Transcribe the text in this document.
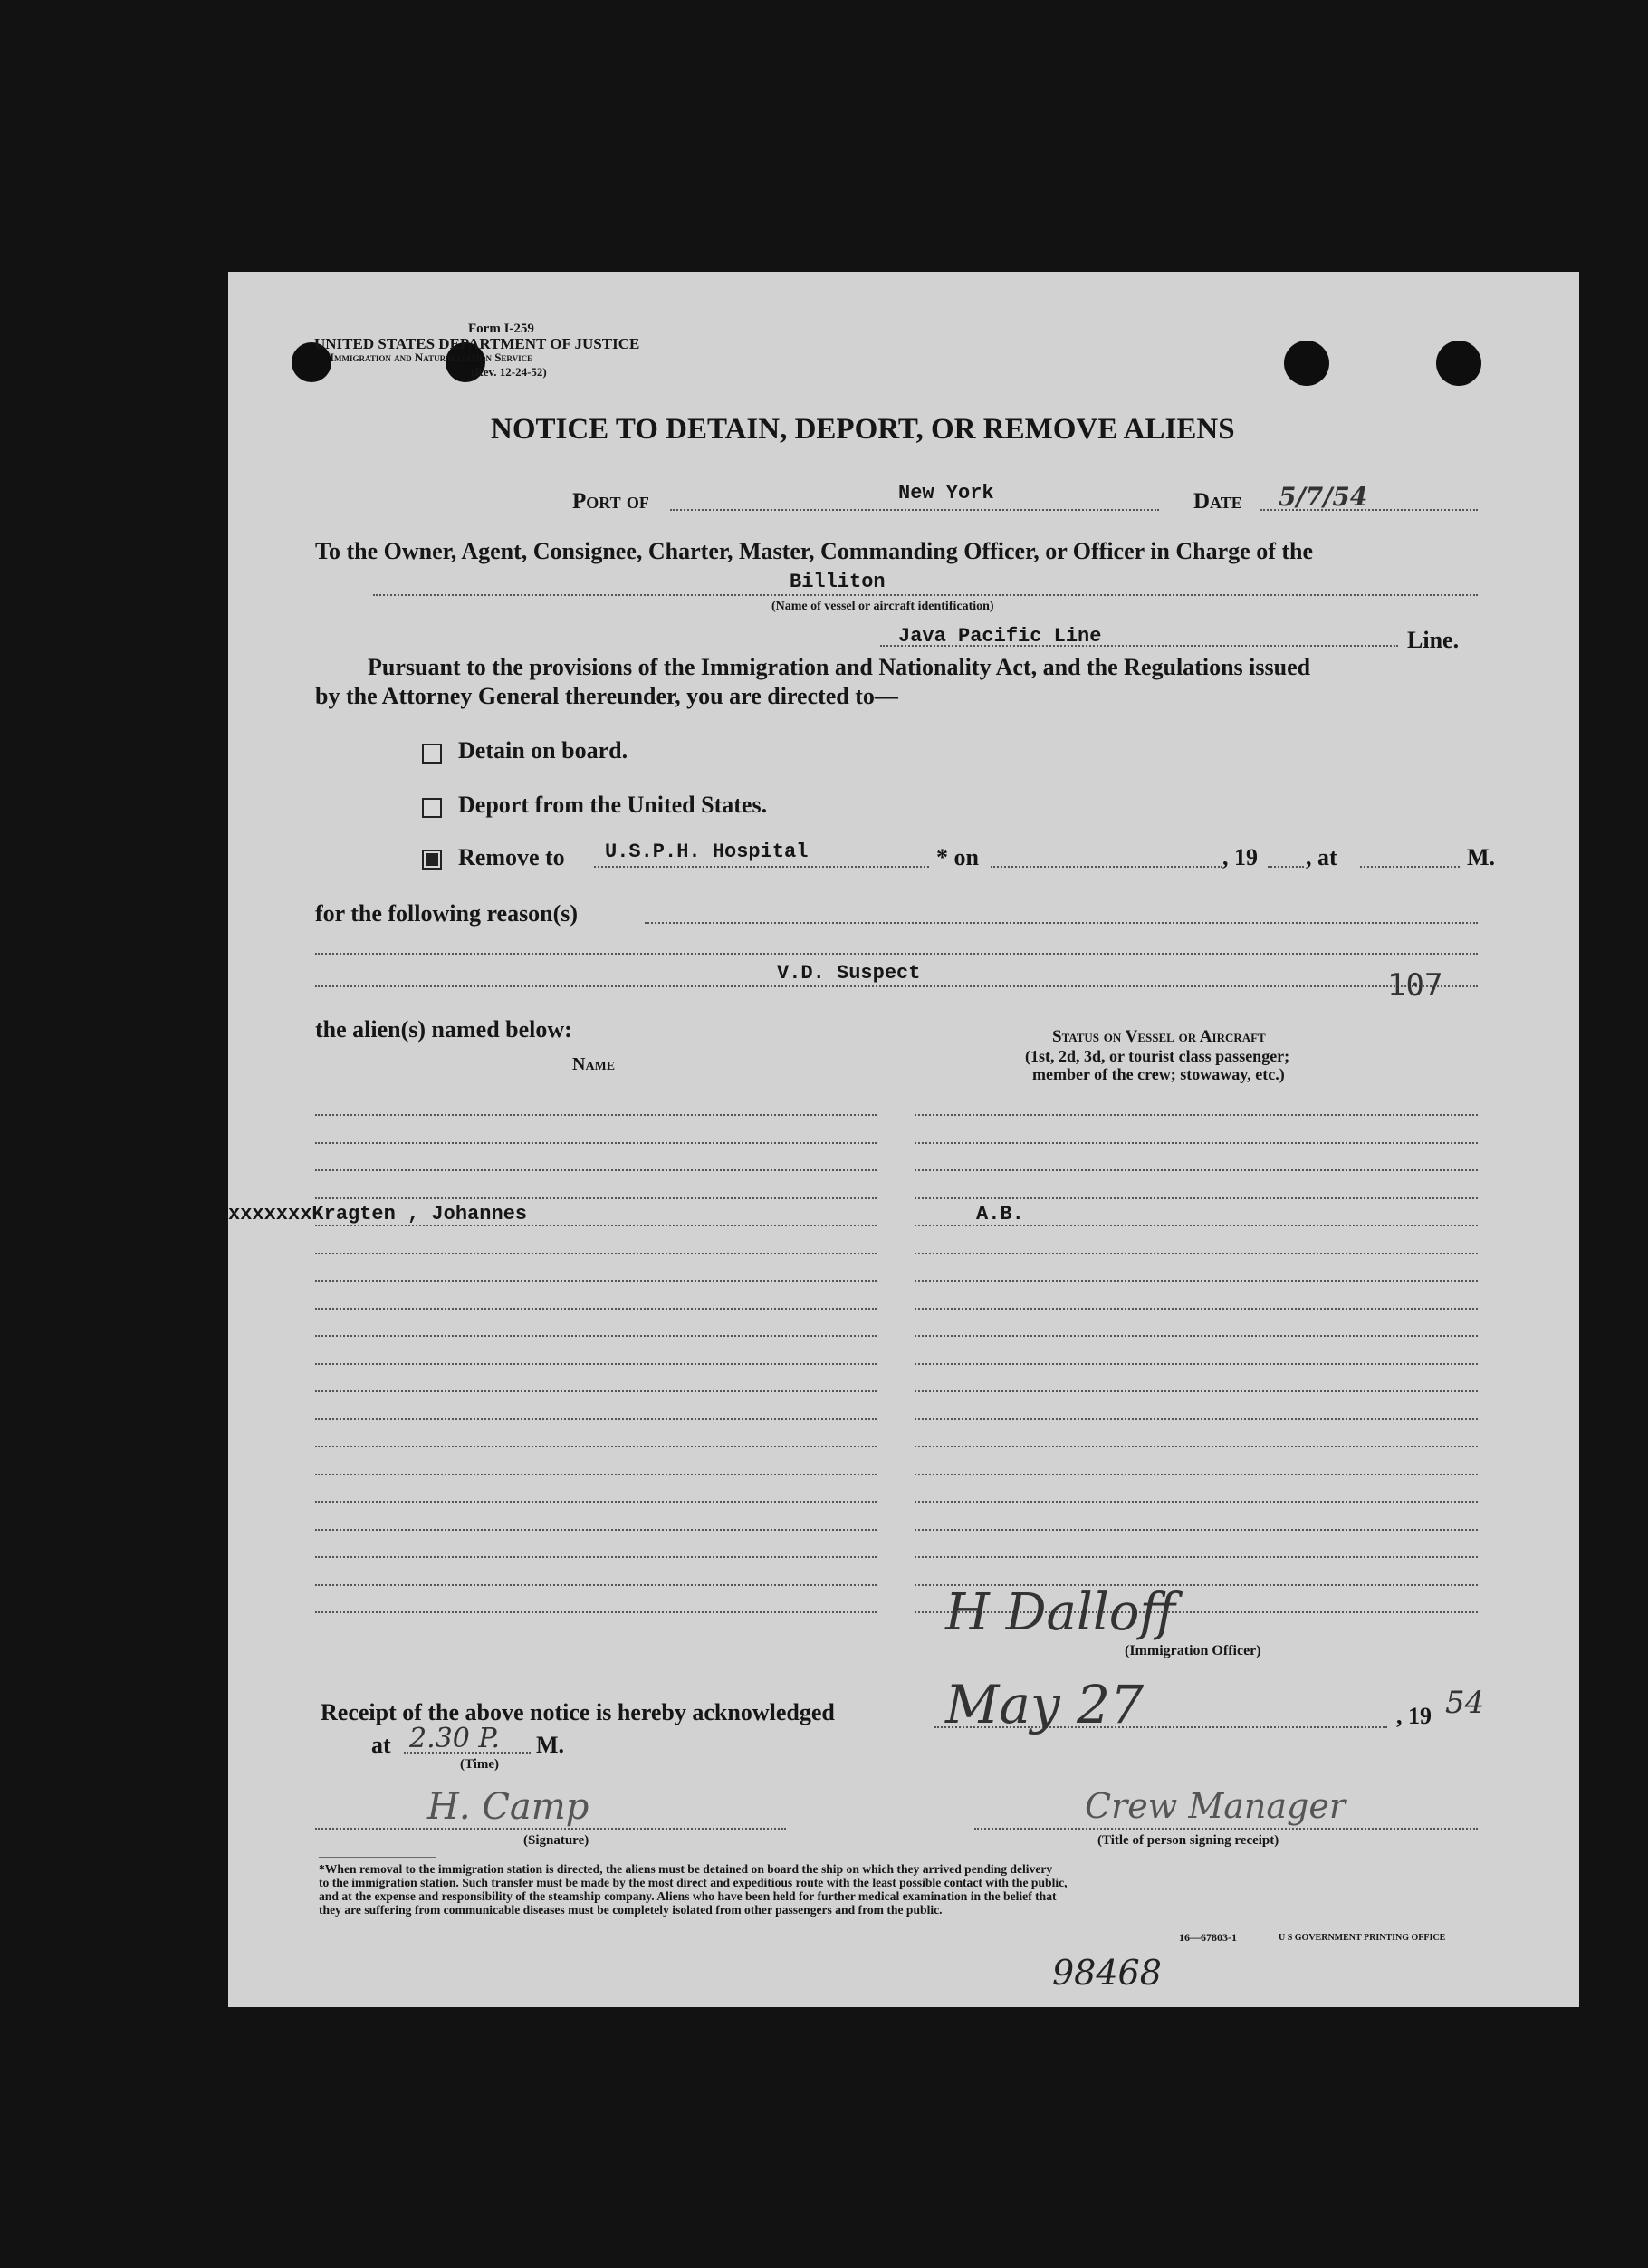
Form I-259
UNITED STATES DEPARTMENT OF JUSTICE
Immigration and Naturalization Service
(Rev. 12-24-52)
NOTICE TO DETAIN, DEPORT, OR REMOVE ALIENS
Port of	New York	Date 5/7/54
To the Owner, Agent, Consignee, Charter, Master, Commanding Officer, or Officer in Charge of the
Billiton
(Name of vessel or aircraft identification)
Java Pacific Line	Line.
Pursuant to the provisions of the Immigration and Nationality Act, and the Regulations issued
by the Attorney General thereunder, you are directed to—
Detain on board.
Deport from the United States.
Remove to U.S.P.H. Hospital	* on	, 19 , at	M.
for the following reason(s)
V.D. Suspect	107
the alien(s) named below:
Name
Status on Vessel or Aircraft
(1st, 2d, 3d, or tourist class passenger;
member of the crew; stowaway, etc.)
xxxxxxxKragten , Johannes	A.B.
H Dalloff
(Immigration Officer)
Receipt of the above notice is hereby acknowledged May 27	, 19 54
at 2.30 P. M.
(Time)
H. Camp
(Signature)
Crew Manager
(Title of person signing receipt)
*When removal to the immigration station is directed, the aliens must be detained on board the ship on which they arrived pending delivery
to the immigration station. Such transfer must be made by the most direct and expeditious route with the least possible contact with the public,
and at the expense and responsibility of the steamship company. Aliens who have been held for further medical examination in the belief that
they are suffering from communicable diseases must be completely isolated from other passengers and from the public.
16—67803-1	U S GOVERNMENT PRINTING OFFICE
98468
